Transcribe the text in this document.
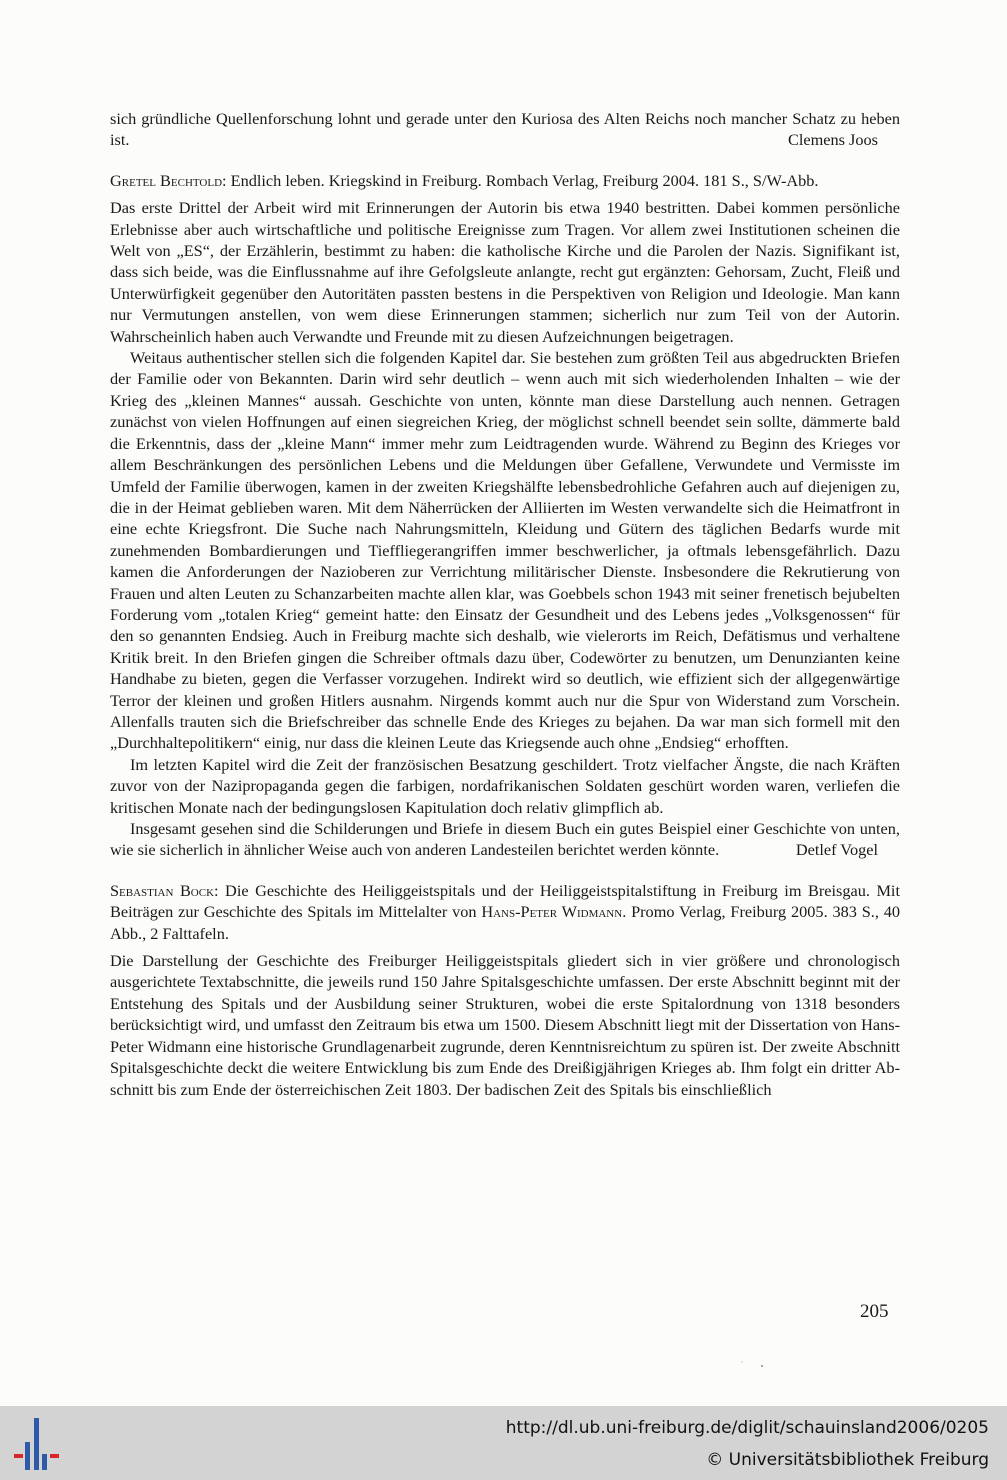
sich gründliche Quellenforschung lohnt und gerade unter den Kuriosa des Alten Reichs noch mancher Schatz zu heben ist.	Clemens Joos

Gretel Bechtold: Endlich leben. Kriegskind in Freiburg. Rombach Verlag, Freiburg 2004. 181 S., S/W-Abb.

Das erste Drittel der Arbeit wird mit Erinnerungen der Autorin bis etwa 1940 bestritten. Dabei kommen persönliche Erlebnisse aber auch wirtschaftliche und politische Ereignisse zum Tragen. Vor allem zwei Institutionen scheinen die Welt von „ES“, der Erzählerin, bestimmt zu haben: die katholische Kirche und die Parolen der Nazis. Signifikant ist, dass sich beide, was die Einflussnahme auf ihre Gefolgsleute anlangte, recht gut ergänzten: Gehorsam, Zucht, Fleiß und Unterwürfigkeit gegenüber den Autoritäten passten bestens in die Perspektiven von Religion und Ideologie. Man kann nur Vermutungen anstellen, von wem diese Erinnerungen stammen; sicherlich nur zum Teil von der Autorin. Wahrscheinlich haben auch Verwandte und Freunde mit zu diesen Aufzeichnungen beigetragen.

Weitaus authentischer stellen sich die folgenden Kapitel dar. Sie bestehen zum größten Teil aus abgedruckten Briefen der Familie oder von Bekannten. Darin wird sehr deutlich – wenn auch mit sich wiederholenden Inhalten – wie der Krieg des „kleinen Mannes“ aussah. Geschichte von unten, könnte man diese Darstellung auch nennen. Getragen zunächst von vielen Hoffnungen auf einen siegreichen Krieg, der möglichst schnell beendet sein sollte, dämmerte bald die Erkenntnis, dass der „kleine Mann“ immer mehr zum Leidtragenden wurde. Während zu Beginn des Krieges vor allem Beschränkungen des persönlichen Lebens und die Meldungen über Gefallene, Verwundete und Vermisste im Umfeld der Familie überwogen, kamen in der zweiten Kriegshälfte lebensbedrohliche Gefahren auch auf diejenigen zu, die in der Heimat geblieben waren. Mit dem Näherrücken der Alliierten im Westen verwandelte sich die Heimatfront in eine echte Kriegsfront. Die Suche nach Nahrungsmitteln, Kleidung und Gütern des täglichen Bedarfs wurde mit zunehmenden Bombardierungen und Tieffliegerangriffen immer beschwerlicher, ja oftmals lebensgefährlich. Dazu kamen die Anforderungen der Nazioberen zur Verrichtung militärischer Dienste. Insbesondere die Rekrutierung von Frauen und alten Leuten zu Schanzarbeiten machte allen klar, was Goebbels schon 1943 mit seiner frenetisch bejubelten Forderung vom „totalen Krieg“ gemeint hatte: den Einsatz der Gesundheit und des Lebens jedes „Volksgenossen“ für den so genannten Endsieg. Auch in Freiburg machte sich deshalb, wie vielerorts im Reich, Defätismus und verhaltene Kritik breit. In den Briefen gingen die Schreiber oftmals dazu über, Codewörter zu benutzen, um Denunzianten keine Handhabe zu bieten, gegen die Verfasser vorzugehen. Indirekt wird so deutlich, wie effizient sich der allgegenwärtige Terror der kleinen und großen Hitlers ausnahm. Nirgends kommt auch nur die Spur von Widerstand zum Vorschein. Allenfalls trauten sich die Briefschreiber das schnelle Ende des Krieges zu bejahen. Da war man sich formell mit den „Durchhaltepolitikern“ einig, nur dass die kleinen Leute das Kriegsende auch ohne „Endsieg“ erhofften.

Im letzten Kapitel wird die Zeit der französischen Besatzung geschildert. Trotz vielfacher Ängste, die nach Kräften zuvor von der Nazipropaganda gegen die farbigen, nordafrikanischen Soldaten geschürt worden waren, verliefen die kritischen Monate nach der bedingungslosen Kapitulation doch relativ glimpflich ab.

Insgesamt gesehen sind die Schilderungen und Briefe in diesem Buch ein gutes Beispiel einer Geschichte von unten, wie sie sicherlich in ähnlicher Weise auch von anderen Landesteilen berichtet werden könnte.	Detlef Vogel

Sebastian Bock: Die Geschichte des Heiliggeistspitals und der Heiliggeistspitalstiftung in Freiburg im Breisgau. Mit Beiträgen zur Geschichte des Spitals im Mittelalter von Hans-Peter Widmann. Promo Verlag, Freiburg 2005. 383 S., 40 Abb., 2 Falttafeln.

Die Darstellung der Geschichte des Freiburger Heiliggeistspitals gliedert sich in vier größere und chronologisch ausgerichtete Textabschnitte, die jeweils rund 150 Jahre Spitalsgeschichte umfassen. Der erste Abschnitt beginnt mit der Entstehung des Spitals und der Ausbildung seiner Strukturen, wobei die erste Spitalordnung von 1318 besonders berücksichtigt wird, und umfasst den Zeitraum bis etwa um 1500. Diesem Abschnitt liegt mit der Dissertation von Hans-Peter Widmann eine historische Grundlagenarbeit zugrunde, deren Kenntnisreichtum zu spüren ist. Der zweite Abschnitt Spitalsgeschichte deckt die weitere Entwicklung bis zum Ende des Dreißigjährigen Krieges ab. Ihm folgt ein dritter Abschnitt bis zum Ende der österreichischen Zeit 1803. Der badischen Zeit des Spitals bis einschließlich

205
http://dl.ub.uni-freiburg.de/diglit/schauinsland2006/0205
© Universitätsbibliothek Freiburg
